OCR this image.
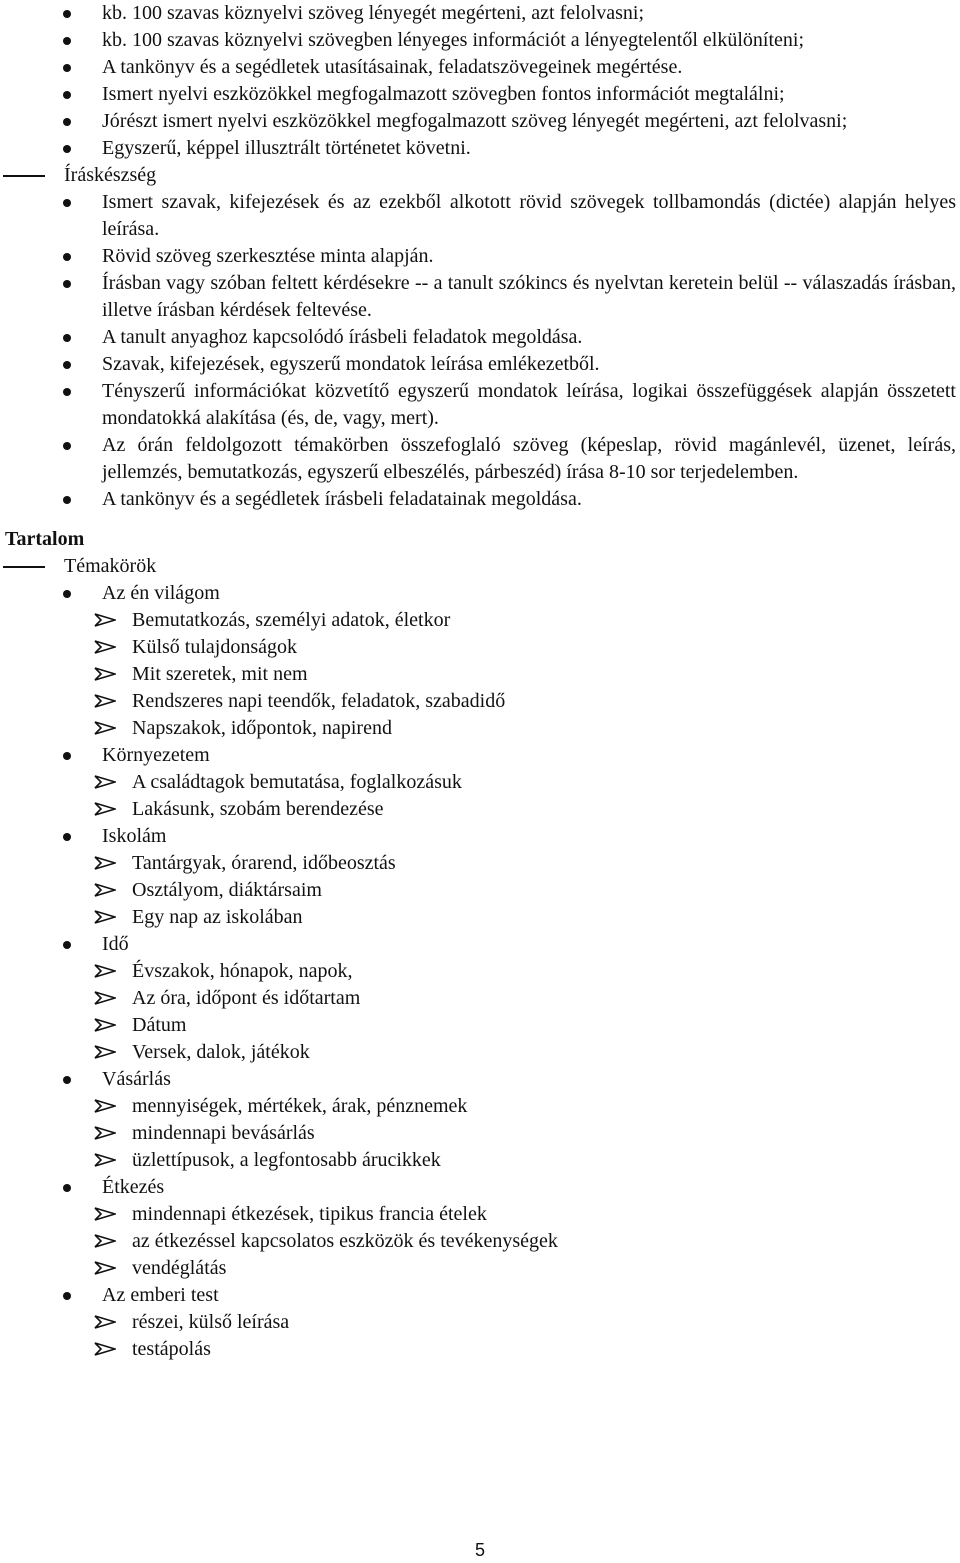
kb. 100 szavas köznyelvi szöveg lényegét megérteni, azt felolvasni;
kb. 100 szavas köznyelvi szövegben lényeges információt a lényegtelentől elkülöníteni;
A tankönyv és a segédletek utasításainak, feladatszövegeinek megértése.
Ismert nyelvi eszközökkel megfogalmazott szövegben fontos információt megtalálni;
Jórészt ismert nyelvi eszközökkel megfogalmazott szöveg lényegét megérteni, azt felolvasni;
Egyszerű, képpel illusztrált történetet követni.
Íráskészség
Ismert szavak, kifejezések és az ezekből alkotott rövid szövegek tollbamondás (dictée) alapján helyes leírása.
Rövid szöveg szerkesztése minta alapján.
Írásban vagy szóban feltett kérdésekre -- a tanult szókincs és nyelvtan keretein belül -- válaszadás írásban, illetve írásban kérdések feltevése.
A tanult anyaghoz kapcsolódó írásbeli feladatok megoldása.
Szavak, kifejezések, egyszerű mondatok leírása emlékezetből.
Tényszerű információkat közvetítő egyszerű mondatok leírása, logikai összefüggések alapján összetett mondatokká alakítása (és, de, vagy, mert).
Az órán feldolgozott témakörben összefoglaló szöveg (képeslap, rövid magánlevél, üzenet, leírás, jellemzés, bemutatkozás, egyszerű elbeszélés, párbeszéd) írása 8-10 sor terjedelemben.
A tankönyv és a segédletek írásbeli feladatainak megoldása.
Tartalom
Témakörök
Az én világom
Bemutatkozás, személyi adatok, életkor
Külső tulajdonságok
Mit szeretek, mit nem
Rendszeres napi teendők, feladatok, szabadidő
Napszakok, időpontok, napirend
Környezetem
A családtagok bemutatása, foglalkozásuk
Lakásunk, szobám berendezése
Iskolám
Tantárgyak, órarend, időbeosztás
Osztályom, diáktársaim
Egy nap az iskolában
Idő
Évszakok, hónapok, napok,
Az óra, időpont és időtartam
Dátum
Versek, dalok, játékok
Vásárlás
mennyiségek, mértékek, árak, pénznemek
mindennapi bevásárlás
üzlettípusok, a legfontosabb árucikkek
Étkezés
mindennapi étkezések, tipikus francia ételek
az étkezéssel kapcsolatos eszközök és tevékenységek
vendéglátás
Az emberi test
részei, külső leírása
testápolás
5
